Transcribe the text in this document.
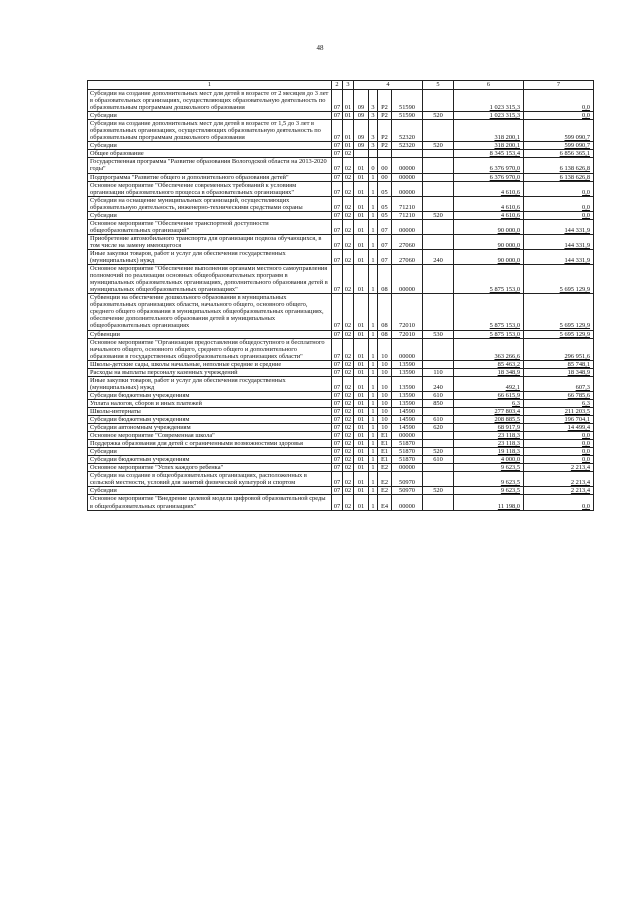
48
1	2	3	4				5	6	7
Субсидии на создание дополнительных мест для детей в возрасте от 2 месяцев до 3 лет в образовательных организациях, осуществляющих образовательную деятельность по образовательным программам дошкольного образования	07	01	09	3	P2	51590		1 023 315,3	0,0
Субсидии	07	01	09	3	P2	51590	520	1 023 315,3	0,0
Субсидии на создание дополнительных мест для детей в возрасте от 1,5 до 3 лет в образовательных организациях, осуществляющих образовательную деятельность по образовательным программам дошкольного образования	07	01	09	3	P2	52320		318 200,1	599 090,7
Субсидии	07	01	09	3	P2	52320	520	318 200,1	599 090,7
Общее образование	07	02						8 345 153,4	6 856 365,1
Государственная программа "Развитие образования Вологодской области на 2013-2020 годы"	07	02	01	0	00	00000		6 376 970,0	6 138 626,8
Подпрограмма "Развитие общего и дополнительного образования детей"	07	02	01	1	00	00000		6 376 970,0	6 138 626,8
Основное мероприятие "Обеспечение современных требований к условиям организации образовательного процесса в образовательных организациях"	07	02	01	1	05	00000		4 610,6	0,0
Субсидии на оснащение муниципальных организаций, осуществляющих образовательную деятельность, инженерно-техническими средствами охраны	07	02	01	1	05	71210		4 610,6	0,0
Субсидии	07	02	01	1	05	71210	520	4 610,6	0,0
Основное мероприятие "Обеспечение транспортной доступности общеобразовательных организаций"	07	02	01	1	07	00000		90 000,0	144 331,9
Приобретение автомобильного транспорта для организации подвоза обучающихся, в том числе на замену имеющегося	07	02	01	1	07	27060		90 000,0	144 331,9
Иные закупки товаров, работ и услуг для обеспечения государственных (муниципальных) нужд	07	02	01	1	07	27060	240	90 000,0	144 331,9
Основное мероприятие "Обеспечение выполнения органами местного самоуправления полномочий по реализации основных общеобразовательных программ в муниципальных образовательных организациях, дополнительного образования детей в муниципальных общеобразовательных организациях"	07	02	01	1	08	00000		5 875 153,0	5 695 129,9
Субвенции на обеспечение дошкольного образования в муниципальных образовательных организациях области, начального общего, основного общего, среднего общего образования в муниципальных общеобразовательных организациях, обеспечение дополнительного образования детей в муниципальных общеобразовательных организациях	07	02	01	1	08	72010		5 875 153,0	5 695 129,9
Субвенции	07	02	01	1	08	72010	530	5 875 153,0	5 695 129,9
Основное мероприятие "Организация предоставления общедоступного и бесплатного начального общего, основного общего, среднего общего и дополнительного образования в государственных общеобразовательных организациях области"	07	02	01	1	10	00000		363 266,6	296 951,6
Школы-детские сады, школы начальные, неполные средние и средние	07	02	01	1	10	13590		85 463,2	85 748,1
Расходы на выплаты персоналу казенных учреждений	07	02	01	1	10	13590	110	18 348,9	18 348,9
Иные закупки товаров, работ и услуг для обеспечения государственных (муниципальных) нужд	07	02	01	1	10	13590	240	492,1	607,3
Субсидии бюджетным учреждениям	07	02	01	1	10	13590	610	66 615,9	66 785,6
Уплата налогов, сборов и иных платежей	07	02	01	1	10	13590	850	6,3	6,3
Школы-интернаты	07	02	01	1	10	14590		277 803,4	211 203,5
Субсидии бюджетным учреждениям	07	02	01	1	10	14590	610	208 885,5	196 704,1
Субсидии автономным учреждениям	07	02	01	1	10	14590	620	68 917,9	14 499,4
Основное мероприятие "Современная школа"	07	02	01	1	E1	00000		23 118,3	0,0
Поддержка образования для детей с ограниченными возможностями здоровья	07	02	01	1	E1	51870		23 118,3	0,0
Субсидии	07	02	01	1	E1	51870	520	19 118,3	0,0
Субсидии бюджетным учреждениям	07	02	01	1	E1	51870	610	4 000,0	0,0
Основное мероприятие "Успех каждого ребенка"	07	02	01	1	E2	00000		9 623,5	2 213,4
Субсидии на создание в общеобразовательных организациях, расположенных в сельской местности, условий для занятий физической культурой и спортом	07	02	01	1	E2	50970		9 623,5	2 213,4
Субсидии	07	02	01	1	E2	50970	520	9 623,5	2 213,4
Основное мероприятие "Внедрение целевой модели цифровой образовательной среды в общеобразовательных организациях"	07	02	01	1	E4	00000		11 198,0	0,0
